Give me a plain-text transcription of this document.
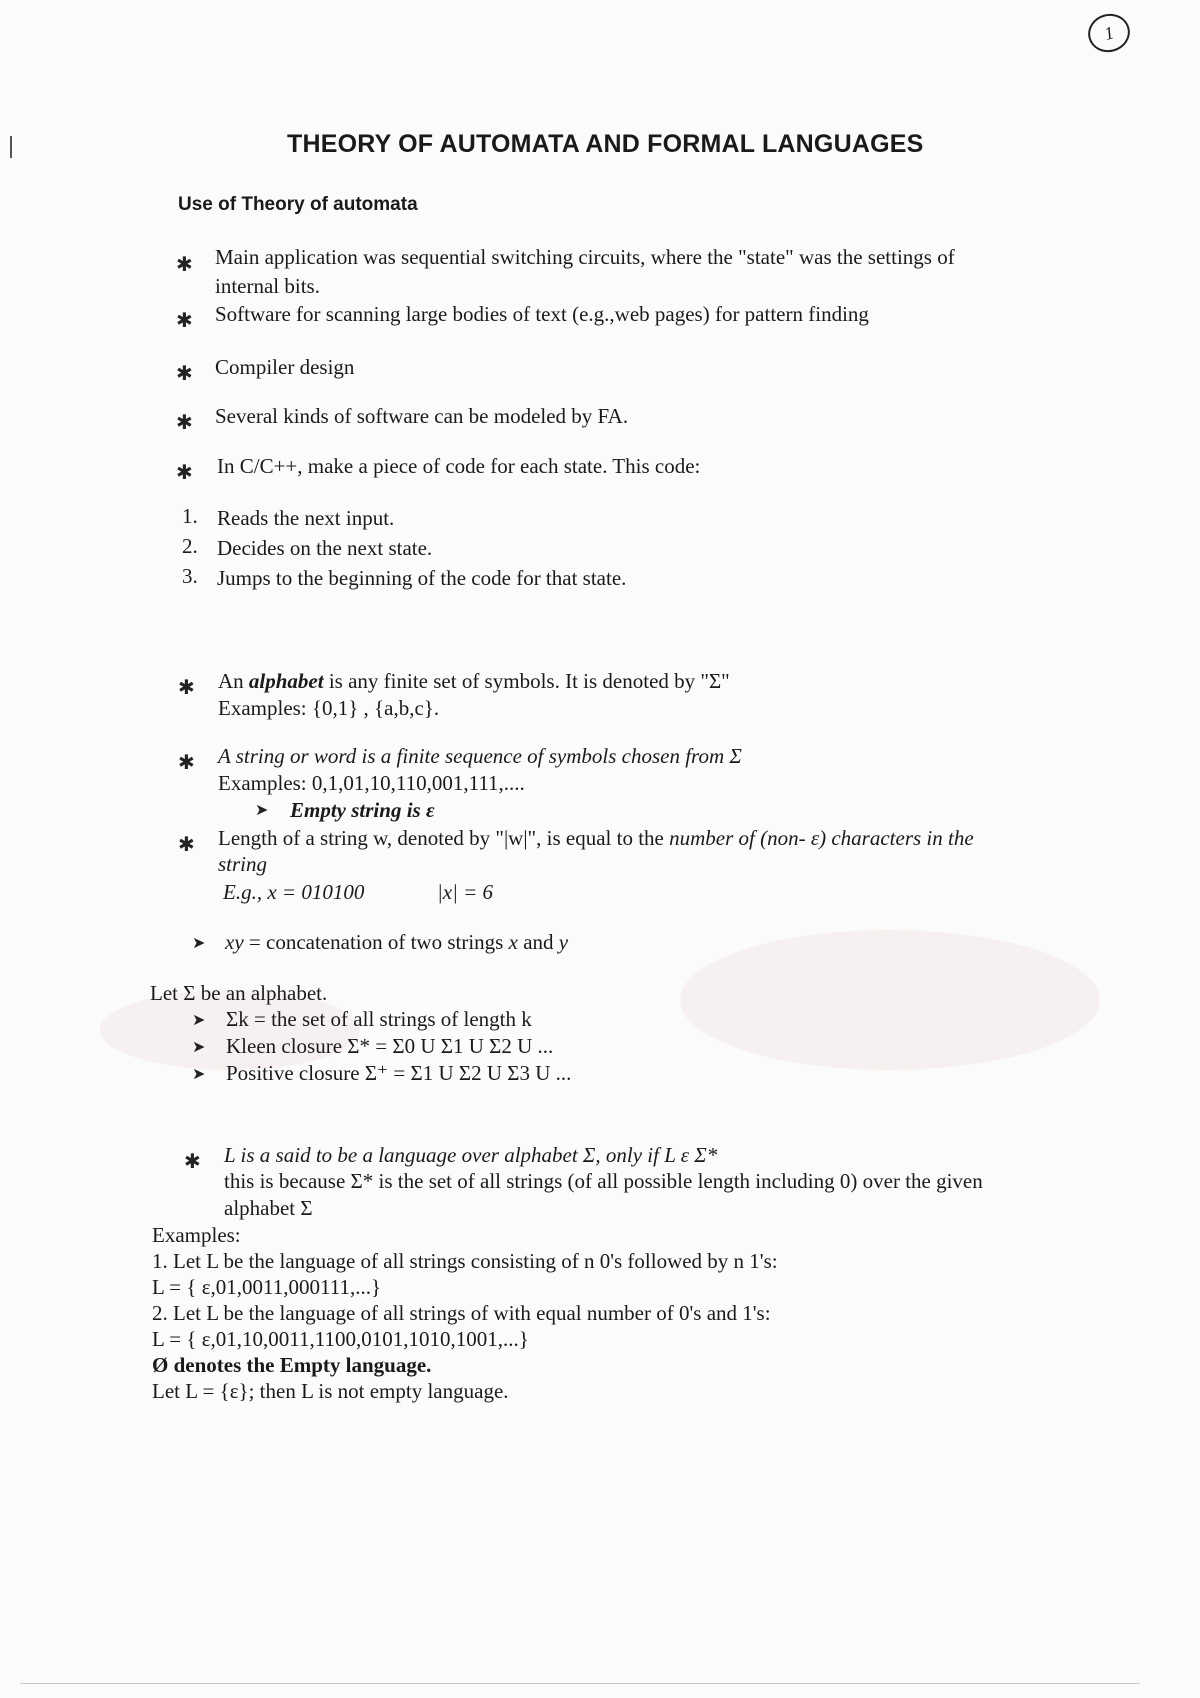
1
THEORY OF AUTOMATA AND FORMAL LANGUAGES
Use of Theory of automata
✱ Main application was sequential switching circuits, where the "state" was the settings of
internal bits.
✱ Software for scanning large bodies of text (e.g.,web pages) for pattern finding
✱ Compiler design
✱ Several kinds of software can be modeled by FA.
✱ In C/C++, make a piece of code for each state. This code:
1. Reads the next input.
2. Decides on the next state.
3. Jumps to the beginning of the code for that state.
✱ An alphabet is any finite set of symbols. It is denoted by "Σ"
Examples: {0,1} , {a,b,c}.
✱ A string or word is a finite sequence of symbols chosen from Σ
Examples: 0,1,01,10,110,001,111,....
➤ Empty string is ε
✱ Length of a string w, denoted by "|w|", is equal to the number of (non- ε) characters in the
string
E.g., x = 010100	|x| = 6
➤ xy = concatenation of two strings x and y
Let Σ be an alphabet.
➤ Σk = the set of all strings of length k
➤ Kleen closure Σ* = Σ0 U Σ1 U Σ2 U ...
➤ Positive closure Σ⁺ = Σ1 U Σ2 U Σ3 U ...
✱ L is a said to be a language over alphabet Σ, only if L ε Σ*
this is because Σ* is the set of all strings (of all possible length including 0) over the given
alphabet Σ
Examples:
1. Let L be the language of all strings consisting of n 0's followed by n 1's:
L = { ε,01,0011,000111,...}
2. Let L be the language of all strings of with equal number of 0's and 1's:
L = { ε,01,10,0011,1100,0101,1010,1001,...}
Ø denotes the Empty language.
Let L = {ε}; then L is not empty language.
